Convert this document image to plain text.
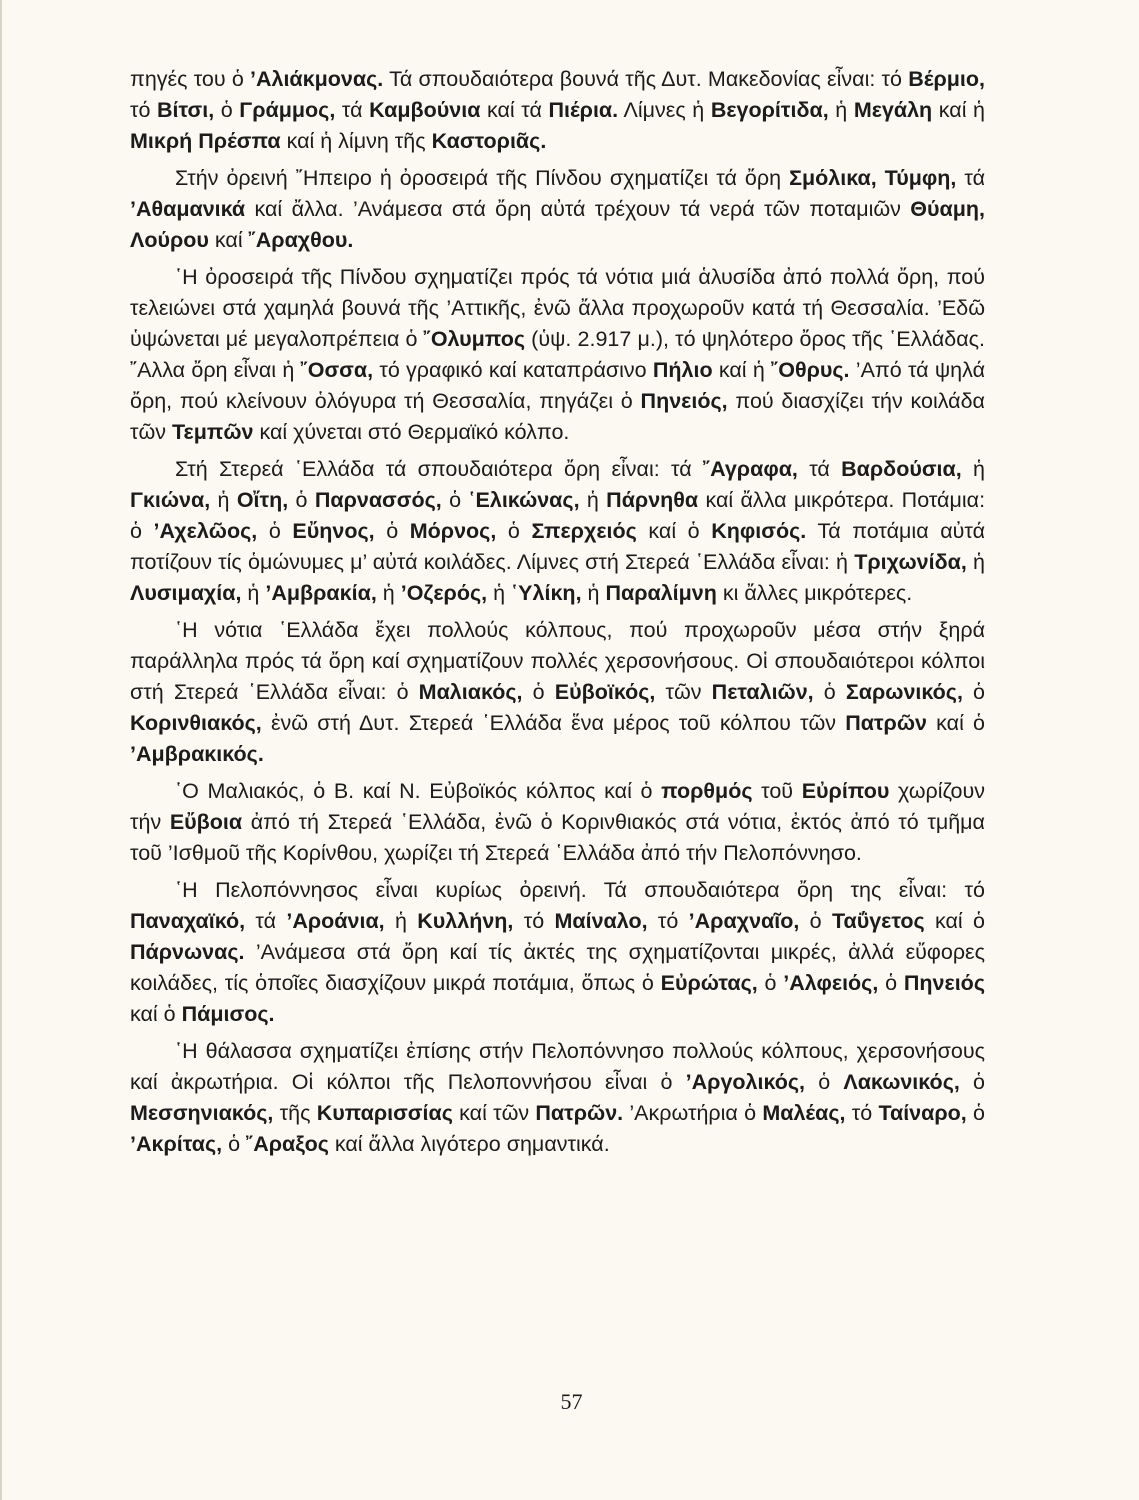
πηγές του ὁ ’Αλιάκμονας. Τά σπουδαιότερα βουνά τῆς Δυτ. Μακεδονίας εἶναι: τό Βέρμιο, τό Βίτσι, ὁ Γράμμος, τά Καμβούνια καί τά Πιέρια. Λίμνες ἡ Βεγορίτιδα, ἡ Μεγάλη καί ἡ Μικρή Πρέσπα καί ἡ λίμνη τῆς Καστοριᾶς.

Στήν ὀρεινή ῎Ηπειρο ἡ ὀροσειρά τῆς Πίνδου σχηματίζει τά ὄρη Σμόλικα, Τύμφη, τά ’Αθαμανικά καί ἄλλα. ’Ανάμεσα στά ὄρη αὐτά τρέχουν τά νερά τῶν ποταμιῶν Θύαμη, Λούρου καί ῎Αραχθου.

῾Η ὀροσειρά τῆς Πίνδου σχηματίζει πρός τά νότια μιά ἁλυσίδα ἀπό πολλά ὄρη, πού τελειώνει στά χαμηλά βουνά τῆς ’Αττικῆς, ἐνῶ ἄλλα προχωροῦν κατά τή Θεσσαλία. ’Εδῶ ὑψώνεται μέ μεγαλοπρέπεια ὁ ῎Ολυμπος (ὑψ. 2.917 μ.), τό ψηλότερο ὄρος τῆς ῾Ελλάδας. ῎Αλλα ὄρη εἶναι ἡ ῎Οσσα, τό γραφικό καί καταπράσινο Πήλιο καί ἡ ῎Οθρυς. ’Από τά ψηλά ὄρη, πού κλείνουν ὁλόγυρα τή Θεσσαλία, πηγάζει ὁ Πηνειός, πού διασχίζει τήν κοιλάδα τῶν Τεμπῶν καί χύνεται στό Θερμαϊκό κόλπο.

Στή Στερεά ῾Ελλάδα τά σπουδαιότερα ὄρη εἶναι: τά ῎Αγραφα, τά Βαρδούσια, ἡ Γκιώνα, ἡ Οἴτη, ὁ Παρνασσός, ὁ ῾Ελικώνας, ἡ Πάρνηθα καί ἄλλα μικρότερα. Ποτάμια: ὁ ’Αχελῶος, ὁ Εὔηνος, ὁ Μόρνος, ὁ Σπερχειός καί ὁ Κηφισός. Τά ποτάμια αὐτά ποτίζουν τίς ὁμώνυμες μ’ αὐτά κοιλάδες. Λίμνες στή Στερεά ῾Ελλάδα εἶναι: ἡ Τριχωνίδα, ἡ Λυσιμαχία, ἡ ’Αμβρακία, ἡ ’Οζερός, ἡ ῾Υλίκη, ἡ Παραλίμνη κι ἄλλες μικρότερες.

῾Η νότια ῾Ελλάδα ἔχει πολλούς κόλπους, πού προχωροῦν μέσα στήν ξηρά παράλληλα πρός τά ὄρη καί σχηματίζουν πολλές χερσονήσους. Οἱ σπουδαιότεροι κόλποι στή Στερεά ῾Ελλάδα εἶναι: ὁ Μαλιακός, ὁ Εὐβοϊκός, τῶν Πεταλιῶν, ὁ Σαρωνικός, ὁ Κορινθιακός, ἐνῶ στή Δυτ. Στερεά ῾Ελλάδα ἕνα μέρος τοῦ κόλπου τῶν Πατρῶν καί ὁ ’Αμβρακικός.

῾Ο Μαλιακός, ὁ Β. καί Ν. Εὐβοϊκός κόλπος καί ὁ πορθμός τοῦ Εὐρίπου χωρίζουν τήν Εὔβοια ἀπό τή Στερεά ῾Ελλάδα, ἐνῶ ὁ Κορινθιακός στά νότια, ἐκτός ἀπό τό τμῆμα τοῦ ’Ισθμοῦ τῆς Κορίνθου, χωρίζει τή Στερεά ῾Ελλάδα ἀπό τήν Πελοπόννησο.

῾Η Πελοπόννησος εἶναι κυρίως ὀρεινή. Τά σπουδαιότερα ὄρη της εἶναι: τό Παναχαϊκό, τά ’Αροάνια, ἡ Κυλλήνη, τό Μαίναλο, τό ’Αραχναῖο, ὁ Ταΰγετος καί ὁ Πάρνωνας. ’Ανάμεσα στά ὄρη καί τίς ἀκτές της σχηματίζονται μικρές, ἀλλά εὔφορες κοιλάδες, τίς ὁποῖες διασχίζουν μικρά ποτάμια, ὅπως ὁ Εὐρώτας, ὁ ’Αλφειός, ὁ Πηνειός καί ὁ Πάμισος.

῾Η θάλασσα σχηματίζει ἐπίσης στήν Πελοπόννησο πολλούς κόλπους, χερσονήσους καί ἀκρωτήρια. Οἱ κόλποι τῆς Πελοποννήσου εἶναι ὁ ’Αργολικός, ὁ Λακωνικός, ὁ Μεσσηνιακός, τῆς Κυπαρισσίας καί τῶν Πατρῶν. ’Ακρωτήρια ὁ Μαλέας, τό Ταίναρο, ὁ ’Ακρίτας, ὁ ῎Αραξος καί ἄλλα λιγότερο σημαντικά.

57
